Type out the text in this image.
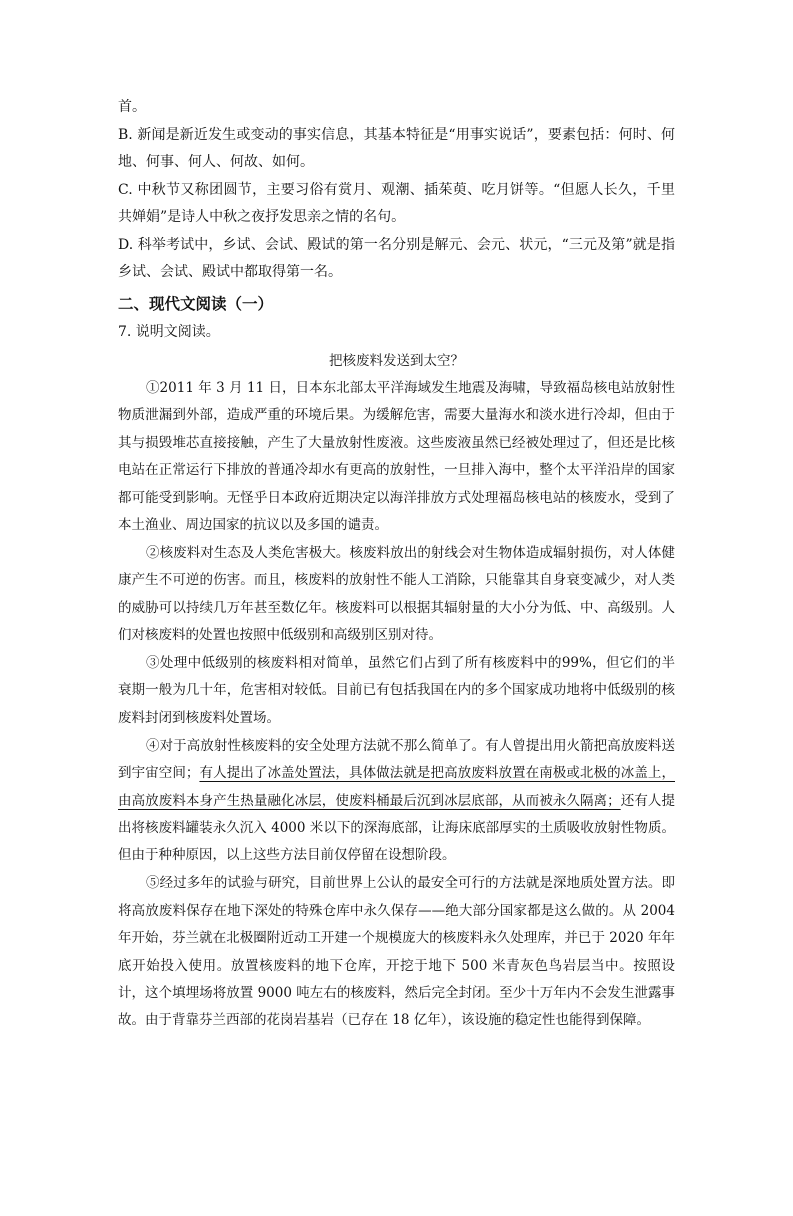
首。

B. 新闻是新近发生或变动的事实信息，其基本特征是“用事实说话”，要素包括：何时、何地、何事、何人、何故、如何。

C. 中秋节又称团圆节，主要习俗有赏月、观潮、插茱萸、吃月饼等。“但愿人长久，千里共婵娟”是诗人中秋之夜抒发思亲之情的名句。

D. 科举考试中，乡试、会试、殿试的第一名分别是解元、会元、状元，“三元及第”就是指乡试、会试、殿试中都取得第一名。

二、现代文阅读（一）

7. 说明文阅读。

把核废料发送到太空？

①2011 年 3 月 11 日，日本东北部太平洋海域发生地震及海啸，导致福岛核电站放射性物质泄漏到外部，造成严重的环境后果。为缓解危害，需要大量海水和淡水进行冷却，但由于其与损毁堆芯直接接触，产生了大量放射性废液。这些废液虽然已经被处理过了，但还是比核电站在正常运行下排放的普通冷却水有更高的放射性，一旦排入海中，整个太平洋沿岸的国家都可能受到影响。无怪乎日本政府近期决定以海洋排放方式处理福岛核电站的核废水，受到了本土渔业、周边国家的抗议以及多国的谴责。

②核废料对生态及人类危害极大。核废料放出的射线会对生物体造成辐射损伤，对人体健康产生不可逆的伤害。而且，核废料的放射性不能人工消除，只能靠其自身衰变减少，对人类的威胁可以持续几万年甚至数亿年。核废料可以根据其辐射量的大小分为低、中、高级别。人们对核废料的处置也按照中低级别和高级别区别对待。

③处理中低级别的核废料相对简单，虽然它们占到了所有核废料中的99%，但它们的半衰期一般为几十年，危害相对较低。目前已有包括我国在内的多个国家成功地将中低级别的核废料封闭到核废料处置场。

④对于高放射性核废料的安全处理方法就不那么简单了。有人曾提出用火箭把高放废料送到宇宙空间；有人提出了冰盖处置法，具体做法就是把高放废料放置在南极或北极的冰盖上，由高放废料本身产生热量融化冰层，使废料桶最后沉到冰层底部，从而被永久隔离；还有人提出将核废料罐装永久沉入 4000 米以下的深海底部，让海床底部厚实的土质吸收放射性物质。但由于种种原因，以上这些方法目前仅停留在设想阶段。

⑤经过多年的试验与研究，目前世界上公认的最安全可行的方法就是深地质处置方法。即将高放废料保存在地下深处的特殊仓库中永久保存——绝大部分国家都是这么做的。从 2004 年开始，芬兰就在北极圈附近动工开建一个规模庞大的核废料永久处理库，并已于 2020 年年底开始投入使用。放置核废料的地下仓库，开挖于地下 500 米青灰色鸟岩层当中。按照设计，这个填埋场将放置 9000 吨左右的核废料，然后完全封闭。至少十万年内不会发生泄露事故。由于背靠芬兰西部的花岗岩基岩（已存在 18 亿年），该设施的稳定性也能得到保障。
